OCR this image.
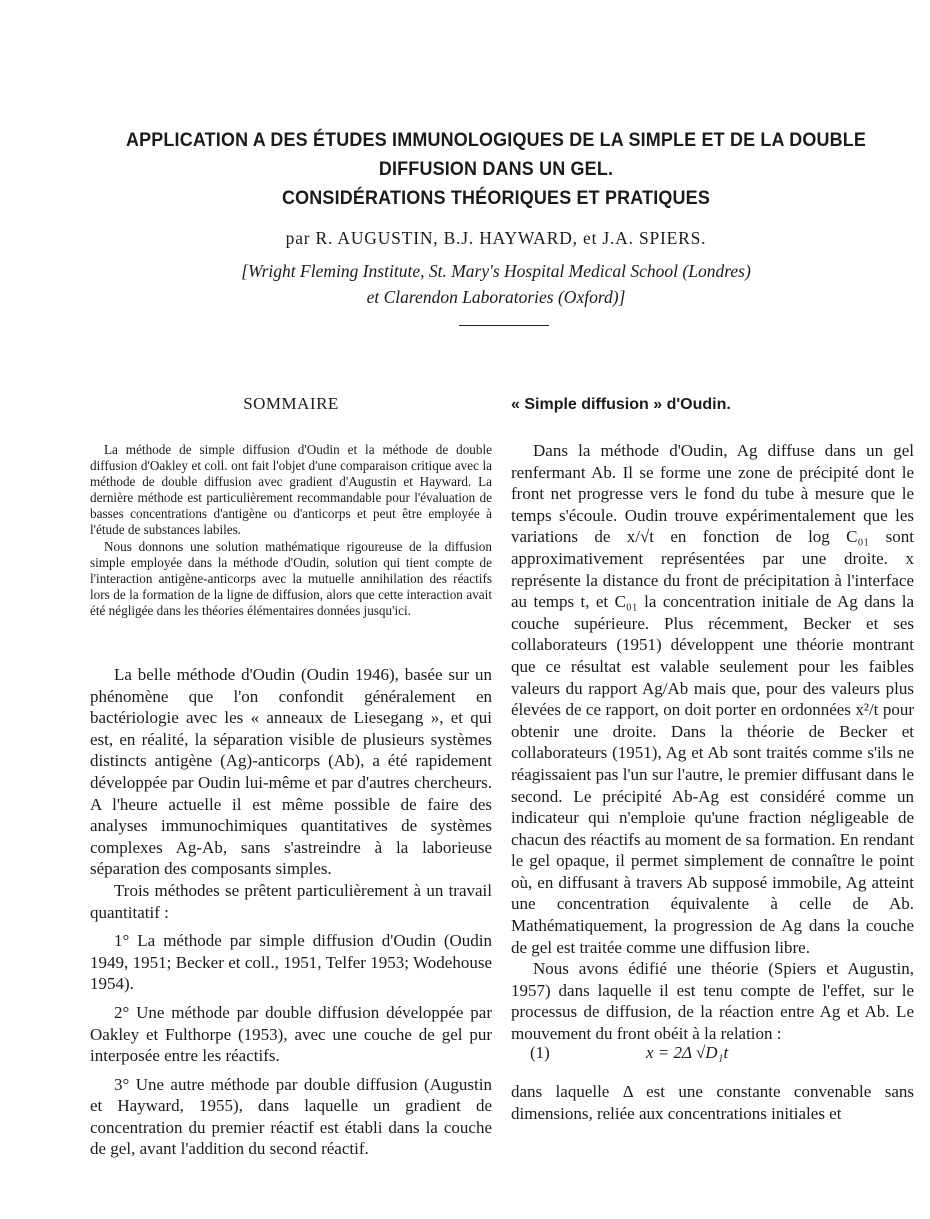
APPLICATION A DES ÉTUDES IMMUNOLOGIQUES DE LA SIMPLE ET DE LA DOUBLE
DIFFUSION DANS UN GEL.
CONSIDÉRATIONS THÉORIQUES ET PRATIQUES
par R. AUGUSTIN, B.J. HAYWARD, et J.A. SPIERS.
[Wright Fleming Institute, St. Mary's Hospital Medical School (Londres)
et Clarendon Laboratories (Oxford)]
SOMMAIRE

La méthode de simple diffusion d'Oudin et la méthode de double diffusion d'Oakley et coll. ont fait l'objet d'une comparaison critique avec la méthode de double diffusion avec gradient d'Augustin et Hayward. La dernière méthode est particulièrement recommandable pour l'évaluation de basses concentrations d'antigène ou d'anticorps et peut être employée à l'étude de substances labiles.

Nous donnons une solution mathématique rigoureuse de la diffusion simple employée dans la méthode d'Oudin, solution qui tient compte de l'interaction antigène-anticorps avec la mutuelle annihilation des réactifs lors de la formation de la ligne de diffusion, alors que cette interaction avait été négligée dans les théories élémentaires données jusqu'ici.

La belle méthode d'Oudin (Oudin 1946), basée sur un phénomène que l'on confondit généralement en bactériologie avec les « anneaux de Liesegang », et qui est, en réalité, la séparation visible de plusieurs systèmes distincts antigène (Ag)-anticorps (Ab), a été rapidement développée par Oudin lui-même et par d'autres chercheurs. A l'heure actuelle il est même possible de faire des analyses immunochimiques quantitatives de systèmes complexes Ag-Ab, sans s'astreindre à la laborieuse séparation des composants simples.

Trois méthodes se prêtent particulièrement à un travail quantitatif :

1° La méthode par simple diffusion d'Oudin (Oudin 1949, 1951; Becker et coll., 1951, Telfer 1953; Wodehouse 1954).

2° Une méthode par double diffusion développée par Oakley et Fulthorpe (1953), avec une couche de gel pur interposée entre les réactifs.

3° Une autre méthode par double diffusion (Augustin et Hayward, 1955), dans laquelle un gradient de concentration du premier réactif est établi dans la couche de gel, avant l'addition du second réactif.

« Simple diffusion » d'Oudin.

Dans la méthode d'Oudin, Ag diffuse dans un gel renfermant Ab. Il se forme une zone de précipité dont le front net progresse vers le fond du tube à mesure que le temps s'écoule. Oudin trouve expérimentalement que les variations de x/√t en fonction de log C₀₁ sont approximativement représentées par une droite. x représente la distance du front de précipitation à l'interface au temps t, et C₀₁ la concentration initiale de Ag dans la couche supérieure. Plus récemment, Becker et ses collaborateurs (1951) développent une théorie montrant que ce résultat est valable seulement pour les faibles valeurs du rapport Ag/Ab mais que, pour des valeurs plus élevées de ce rapport, on doit porter en ordonnées x²/t pour obtenir une droite. Dans la théorie de Becker et collaborateurs (1951), Ag et Ab sont traités comme s'ils ne réagissaient pas l'un sur l'autre, le premier diffusant dans le second. Le précipité Ab-Ag est considéré comme un indicateur qui n'emploie qu'une fraction négligeable de chacun des réactifs au moment de sa formation. En rendant le gel opaque, il permet simplement de connaître le point où, en diffusant à travers Ab supposé immobile, Ag atteint une concentration équivalente à celle de Ab. Mathématiquement, la progression de Ag dans la couche de gel est traitée comme une diffusion libre.

Nous avons édifié une théorie (Spiers et Augustin, 1957) dans laquelle il est tenu compte de l'effet, sur le processus de diffusion, de la réaction entre Ag et Ab. Le mouvement du front obéit à la relation :

(1)	x = 2Δ √D₁t

dans laquelle Δ est une constante convenable sans dimensions, reliée aux concentrations initiales et
